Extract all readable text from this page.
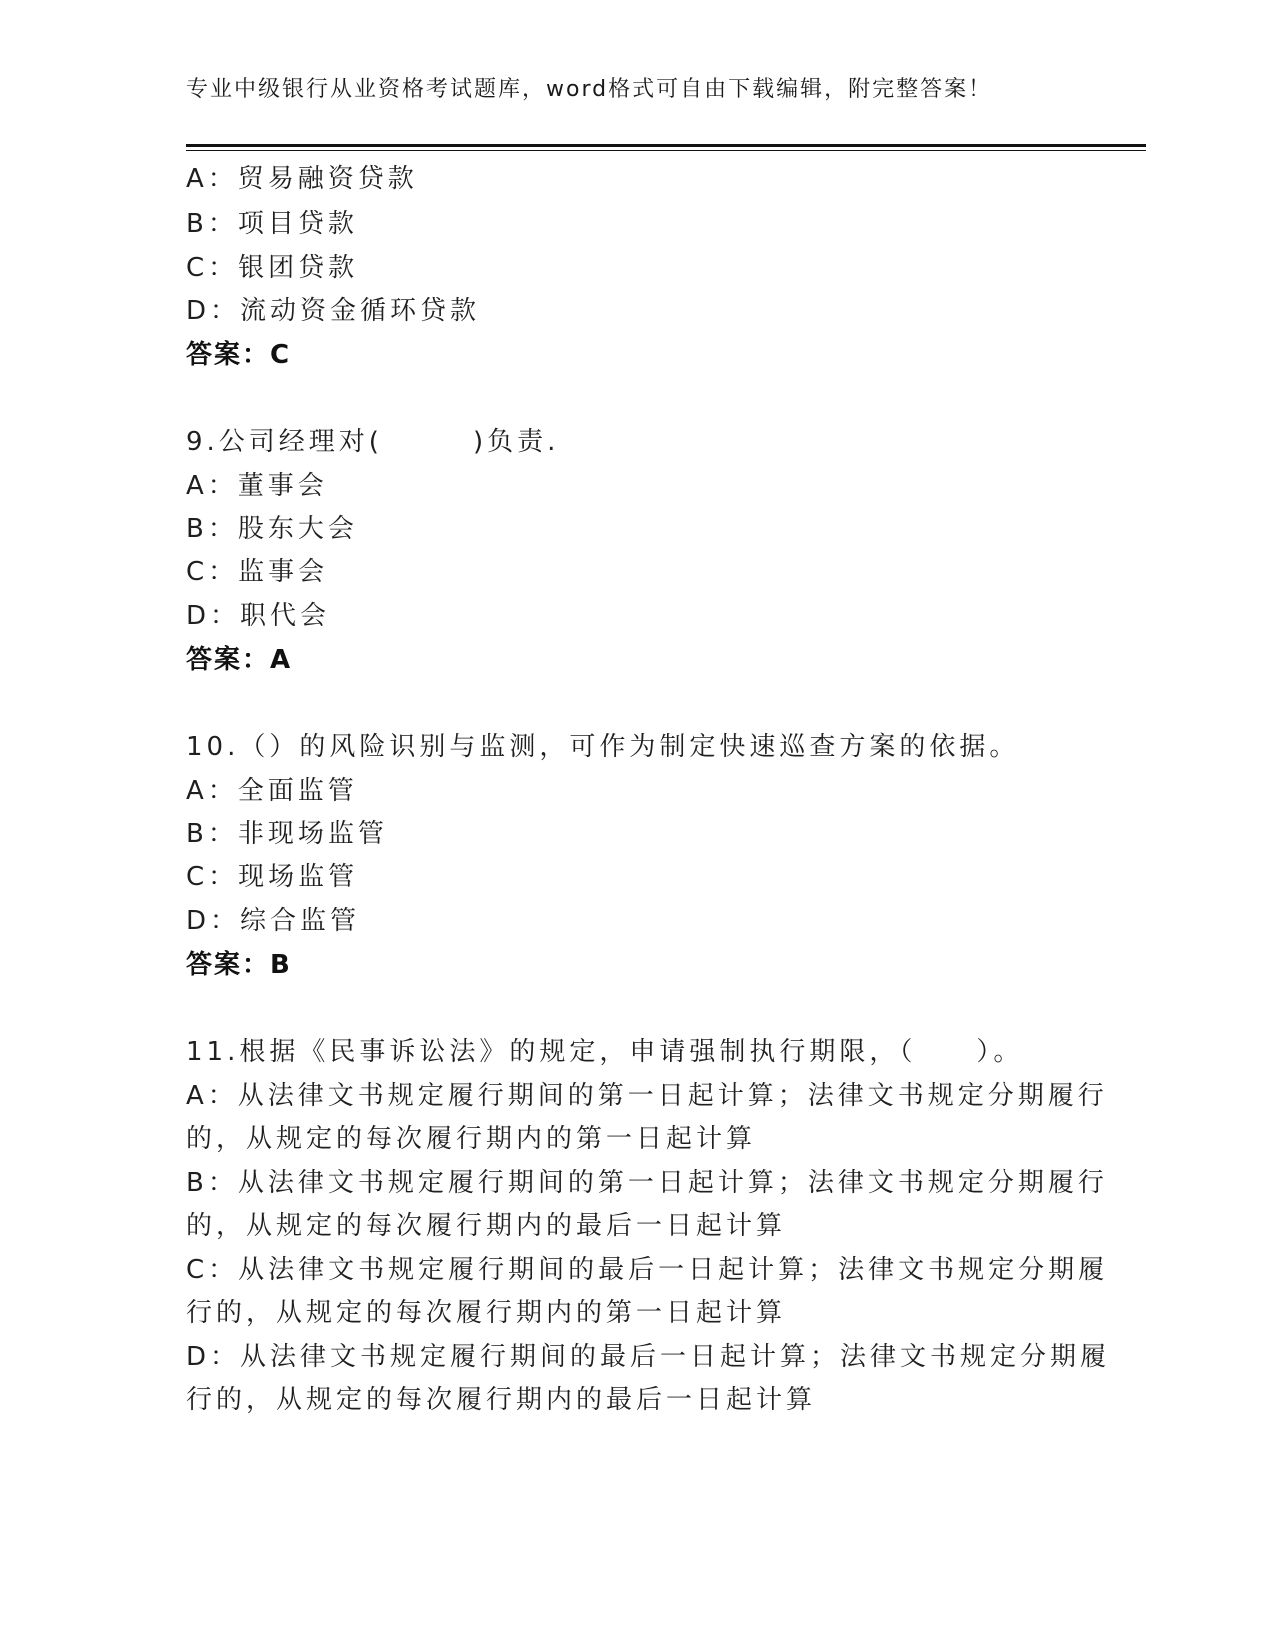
专业中级银行从业资格考试题库，word格式可自由下载编辑，附完整答案！
A：贸易融资贷款
B：项目贷款
C：银团贷款
D：流动资金循环贷款
答案：C
9.公司经理对(　　　)负责.
A：董事会
B：股东大会
C：监事会
D：职代会
答案：A
10.（）的风险识别与监测，可作为制定快速巡查方案的依据。
A：全面监管
B：非现场监管
C：现场监管
D：综合监管
答案：B
11.根据《民事诉讼法》的规定，申请强制执行期限，（　　）。
A：从法律文书规定履行期间的第一日起计算；法律文书规定分期履行
的，从规定的每次履行期内的第一日起计算
B：从法律文书规定履行期间的第一日起计算；法律文书规定分期履行
的，从规定的每次履行期内的最后一日起计算
C：从法律文书规定履行期间的最后一日起计算；法律文书规定分期履
行的，从规定的每次履行期内的第一日起计算
D：从法律文书规定履行期间的最后一日起计算；法律文书规定分期履
行的，从规定的每次履行期内的最后一日起计算
